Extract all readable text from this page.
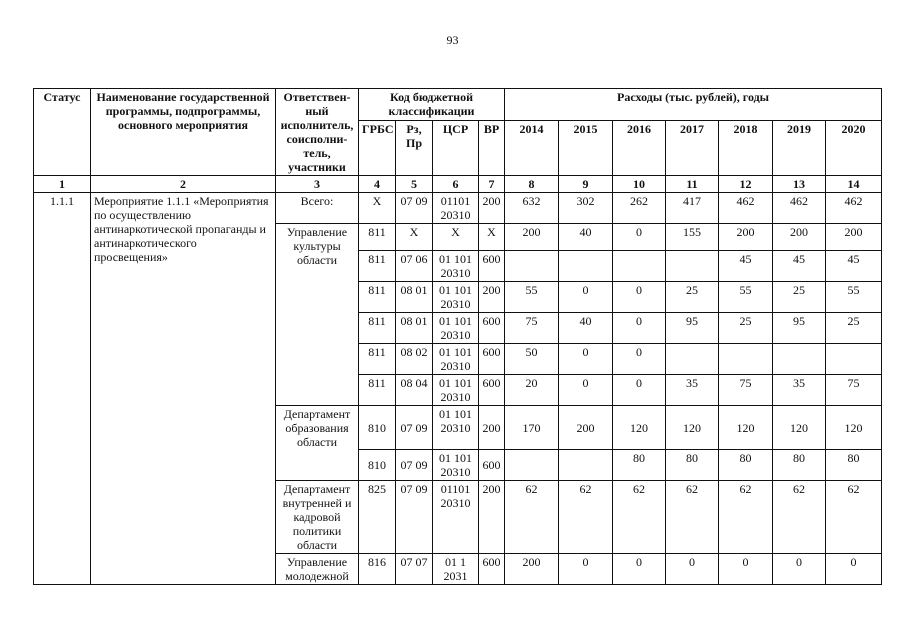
93
Статус	Наименование государственной программы, подпрограммы, основного мероприятия	Ответствен-ный исполнитель, соисполни-тель, участники	Код бюджетной классификации				Расходы (тыс. рублей), годы						
			ГРБС	Рз, Пр	ЦСР	ВР	2014	2015	2016	2017	2018	2019	2020
1	2	3	4	5	6	7	8	9	10	11	12	13	14
1.1.1	Мероприятие 1.1.1 «Мероприятия по осуществлению антинаркотической пропаганды и антинаркотического просвещения»	Всего:	Х	07 09	01101 20310	200	632	302	262	417	462	462	462
		Управление культуры области	811	Х	Х	Х	200	40	0	155	200	200	200
			811	07 06	01 101 20310	600					45	45	45
			811	08 01	01 101 20310	200	55	0	0	25	55	25	55
			811	08 01	01 101 20310	600	75	40	0	95	25	95	25
			811	08 02	01 101 20310	600	50	0	0				
			811	08 04	01 101 20310	600	20	0	0	35	75	35	75
		Департамент образования области	810	07 09	01 101 20310	200	170	200	120	120	120	120	120
			810	07 09	01 101 20310	600			80	80	80	80	80
		Департамент внутренней и кадровой политики области	825	07 09	01101 20310	200	62	62	62	62	62	62	62
		Управление молодежной	816	07 07	01 1 2031	600	200	0	0	0	0	0	0
